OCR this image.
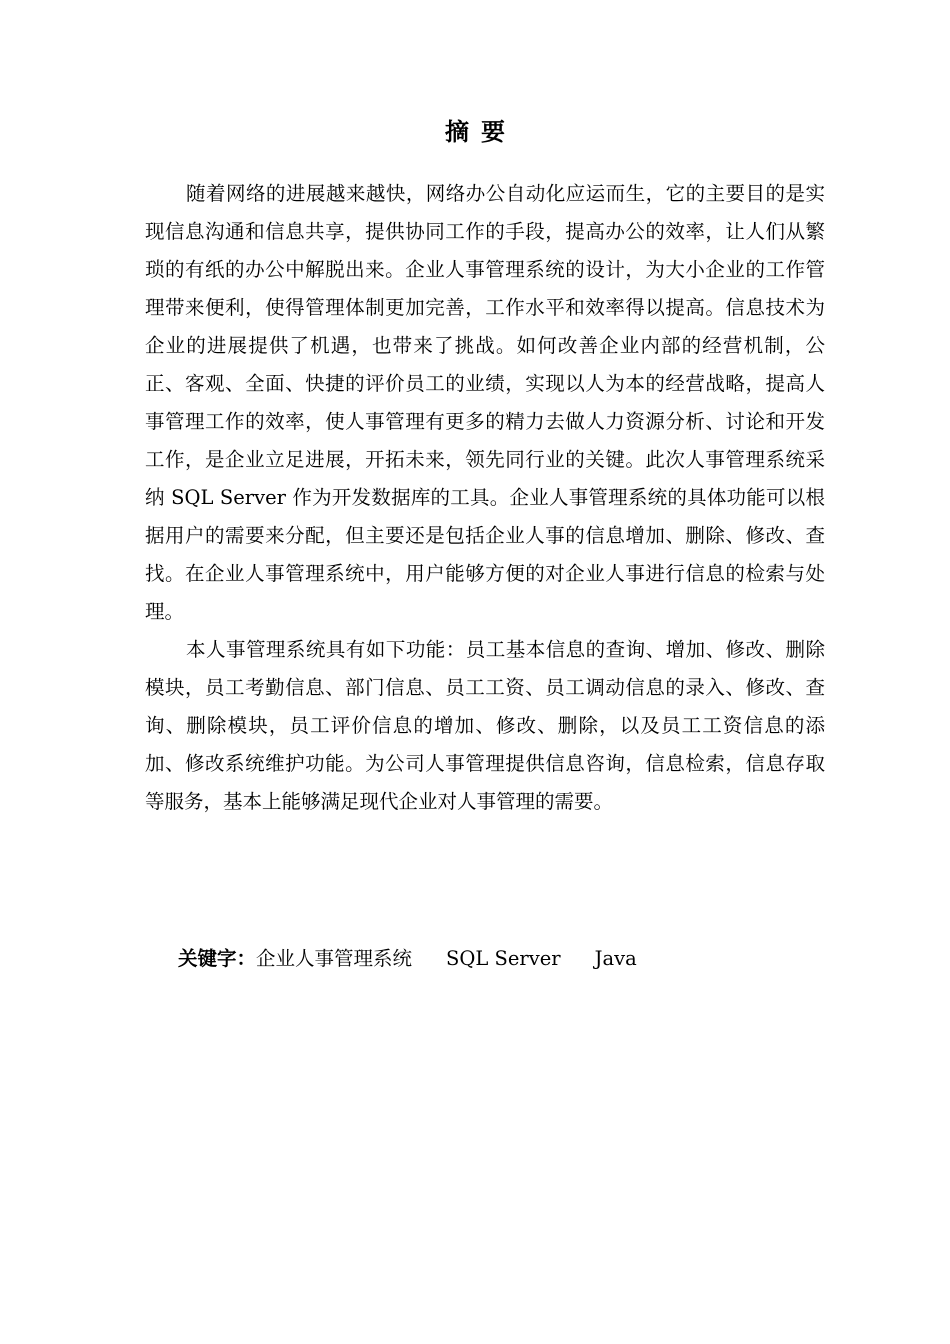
摘要

随着网络的进展越来越快，网络办公自动化应运而生，它的主要目的是实现信息沟通和信息共享，提供协同工作的手段，提高办公的效率，让人们从繁琐的有纸的办公中解脱出来。企业人事管理系统的设计，为大小企业的工作管理带来便利，使得管理体制更加完善，工作水平和效率得以提高。信息技术为企业的进展提供了机遇，也带来了挑战。如何改善企业内部的经营机制，公正、客观、全面、快捷的评价员工的业绩，实现以人为本的经营战略，提高人事管理工作的效率，使人事管理有更多的精力去做人力资源分析、讨论和开发工作，是企业立足进展，开拓未来，领先同行业的关键。此次人事管理系统采纳 SQL Server 作为开发数据库的工具。企业人事管理系统的具体功能可以根据用户的需要来分配，但主要还是包括企业人事的信息增加、删除、修改、查找。在企业人事管理系统中，用户能够方便的对企业人事进行信息的检索与处理。

本人事管理系统具有如下功能：员工基本信息的查询、增加、修改、删除模块，员工考勤信息、部门信息、员工工资、员工调动信息的录入、修改、查询、删除模块，员工评价信息的增加、修改、删除，以及员工工资信息的添加、修改系统维护功能。为公司人事管理提供信息咨询，信息检索，信息存取等服务，基本上能够满足现代企业对人事管理的需要。

关键字：企业人事管理系统 SQL Server Java
